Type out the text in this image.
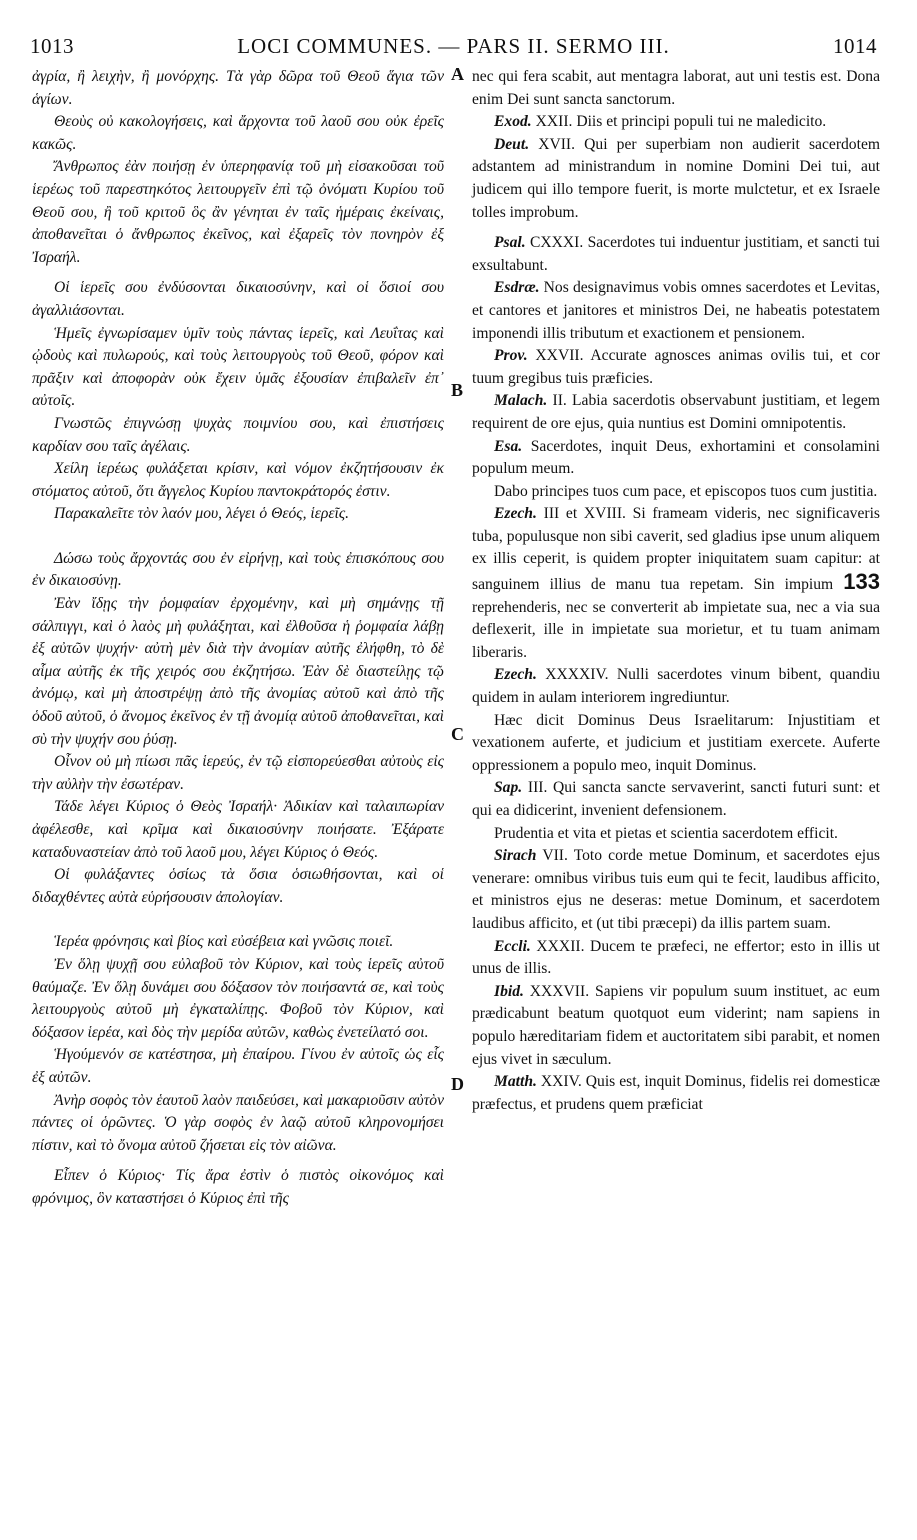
1013	LOCI COMMUNES. — PARS II. SERMO III.	1014
A
B
C
D

ἀγρία, ἢ λειχὴν, ἢ μονόρχης. Τὰ γὰρ δῶρα τοῦ Θεοῦ ἅγια τῶν ἁγίων.

Θεοὺς οὐ κακολογήσεις, καὶ ἄρχοντα τοῦ λαοῦ σου οὐκ ἐρεῖς κακῶς.

Ἄνθρωπος ἐὰν ποιήσῃ ἐν ὑπερηφανίᾳ τοῦ μὴ εἰσακοῦσαι τοῦ ἱερέως τοῦ παρεστηκότος λειτουργεῖν ἐπὶ τῷ ὀνόματι Κυρίου τοῦ Θεοῦ σου, ἢ τοῦ κριτοῦ ὃς ἂν γένηται ἐν ταῖς ἡμέραις ἐκείναις, ἀποθανεῖται ὁ ἄνθρωπος ἐκεῖνος, καὶ ἐξαρεῖς τὸν πονηρὸν ἐξ Ἰσραήλ.

Οἱ ἱερεῖς σου ἐνδύσονται δικαιοσύνην, καὶ οἱ ὅσιοί σου ἀγαλλιάσονται.

Ἡμεῖς ἐγνωρίσαμεν ὑμῖν τοὺς πάντας ἱερεῖς, καὶ Λευΐτας καὶ ᾠδοὺς καὶ πυλωρούς, καὶ τοὺς λειτουργοὺς τοῦ Θεοῦ, φόρον καὶ πρᾶξιν καὶ ἀποφορὰν οὐκ ἔχειν ὑμᾶς ἐξουσίαν ἐπιβαλεῖν ἐπ᾽ αὐτοῖς.

Γνωστῶς ἐπιγνώσῃ ψυχὰς ποιμνίου σου, καὶ ἐπιστήσεις καρδίαν σου ταῖς ἀγέλαις.

Χείλη ἱερέως φυλάξεται κρίσιν, καὶ νόμον ἐκζητήσουσιν ἐκ στόματος αὐτοῦ, ὅτι ἄγγελος Κυρίου παντοκράτορός ἐστιν.

Παρακαλεῖτε τὸν λαόν μου, λέγει ὁ Θεός, ἱερεῖς.

Δώσω τοὺς ἄρχοντάς σου ἐν εἰρήνῃ, καὶ τοὺς ἐπισκόπους σου ἐν δικαιοσύνῃ.

Ἐὰν ἴδῃς τὴν ῥομφαίαν ἐρχομένην, καὶ μὴ σημάνῃς τῇ σάλπιγγι, καὶ ὁ λαὸς μὴ φυλάξηται, καὶ ἐλθοῦσα ἡ ῥομφαία λάβῃ ἐξ αὐτῶν ψυχήν· αὐτὴ μὲν διὰ τὴν ἀνομίαν αὐτῆς ἐλήφθη, τὸ δὲ αἷμα αὐτῆς ἐκ τῆς χειρός σου ἐκζητήσω. Ἐὰν δὲ διαστείλῃς τῷ ἀνόμῳ, καὶ μὴ ἀποστρέψῃ ἀπὸ τῆς ἀνομίας αὐτοῦ καὶ ἀπὸ τῆς ὁδοῦ αὐτοῦ, ὁ ἄνομος ἐκεῖνος ἐν τῇ ἀνομίᾳ αὐτοῦ ἀποθανεῖται, καὶ σὺ τὴν ψυχήν σου ῥύσῃ.

Οἶνον οὐ μὴ πίωσι πᾶς ἱερεύς, ἐν τῷ εἰσπορεύεσθαι αὐτοὺς εἰς τὴν αὐλὴν τὴν ἐσωτέραν.

Τάδε λέγει Κύριος ὁ Θεὸς Ἰσραήλ· Ἀδικίαν καὶ ταλαιπωρίαν ἀφέλεσθε, καὶ κρῖμα καὶ δικαιοσύνην ποιήσατε. Ἐξάρατε καταδυναστείαν ἀπὸ τοῦ λαοῦ μου, λέγει Κύριος ὁ Θεός.

Οἱ φυλάξαντες ὁσίως τὰ ὅσια ὁσιωθήσονται, καὶ οἱ διδαχθέντες αὐτὰ εὑρήσουσιν ἀπολογίαν.

Ἱερέα φρόνησις καὶ βίος καὶ εὐσέβεια καὶ γνῶσις ποιεῖ.

Ἐν ὅλῃ ψυχῇ σου εὐλαβοῦ τὸν Κύριον, καὶ τοὺς ἱερεῖς αὐτοῦ θαύμαζε. Ἐν ὅλῃ δυνάμει σου δόξασον τὸν ποιήσαντά σε, καὶ τοὺς λειτουργοὺς αὐτοῦ μὴ ἐγκαταλίπῃς. Φοβοῦ τὸν Κύριον, καὶ δόξασον ἱερέα, καὶ δὸς τὴν μερίδα αὐτῶν, καθὼς ἐνετείλατό σοι.

Ἡγούμενόν σε κατέστησα, μὴ ἐπαίρου. Γίνου ἐν αὐτοῖς ὡς εἷς ἐξ αὐτῶν.

Ἀνὴρ σοφὸς τὸν ἑαυτοῦ λαὸν παιδεύσει, καὶ μακαριοῦσιν αὐτὸν πάντες οἱ ὁρῶντες. Ὁ γὰρ σοφὸς ἐν λαῷ αὐτοῦ κληρονομήσει πίστιν, καὶ τὸ ὄνομα αὐτοῦ ζήσεται εἰς τὸν αἰῶνα.

Εἶπεν ὁ Κύριος· Τίς ἄρα ἐστὶν ὁ πιστὸς οἰκονόμος καὶ φρόνιμος, ὃν καταστήσει ὁ Κύριος ἐπὶ τῆς

nec qui fera scabit, aut mentagra laborat, aut uni testis est. Dona enim Dei sunt sancta sanctorum.

Exod. XXII. Diis et principi populi tui ne maledicito.

Deut. XVII. Qui per superbiam non audierit sacerdotem adstantem ad ministrandum in nomine Domini Dei tui, aut judicem qui illo tempore fuerit, is morte mulctetur, et ex Israele tolles improbum.

Psal. CXXXI. Sacerdotes tui induentur justitiam, et sancti tui exsultabunt.

Esdræ. Nos designavimus vobis omnes sacerdotes et Levitas, et cantores et janitores et ministros Dei, ne habeatis potestatem imponendi illis tributum et exactionem et pensionem.

Prov. XXVII. Accurate agnosces animas ovilis tui, et cor tuum gregibus tuis præficies.

Malach. II. Labia sacerdotis observabunt justitiam, et legem requirent de ore ejus, quia nuntius est Domini omnipotentis.

Esa. Sacerdotes, inquit Deus, exhortamini et consolamini populum meum.

Dabo principes tuos cum pace, et episcopos tuos cum justitia.

Ezech. III et XVIII. Si frameam videris, nec significaveris tuba, populusque non sibi caverit, sed gladius ipse unum aliquem ex illis ceperit, is quidem propter iniquitatem suam capitur: at sanguinem illius de manu tua repetam. Sin impium 133 reprehenderis, nec se converterit ab impietate sua, nec a via sua deflexerit, ille in impietate sua morietur, et tu tuam animam liberaris.

Ezech. XXXXIV. Nulli sacerdotes vinum bibent, quandiu quidem in aulam interiorem ingrediuntur.

Hæc dicit Dominus Deus Israelitarum: Injustitiam et vexationem auferte, et judicium et justitiam exercete. Auferte oppressionem a populo meo, inquit Dominus.

Sap. III. Qui sancta sancte servaverint, sancti futuri sunt: et qui ea didicerint, invenient defensionem.

Prudentia et vita et pietas et scientia sacerdotem efficit.

Sirach VII. Toto corde metue Dominum, et sacerdotes ejus venerare: omnibus viribus tuis eum qui te fecit, laudibus afficito, et ministros ejus ne deseras: metue Dominum, et sacerdotem laudibus afficito, et (ut tibi præcepi) da illis partem suam.

Eccli. XXXII. Ducem te præfeci, ne effertor; esto in illis ut unus de illis.

Ibid. XXXVII. Sapiens vir populum suum instituet, ac eum prædicabunt beatum quotquot eum viderint; nam sapiens in populo hæreditariam fidem et auctoritatem sibi parabit, et nomen ejus vivet in sæculum.

Matth. XXIV. Quis est, inquit Dominus, fidelis rei domesticæ præfectus, et prudens quem præficiat
